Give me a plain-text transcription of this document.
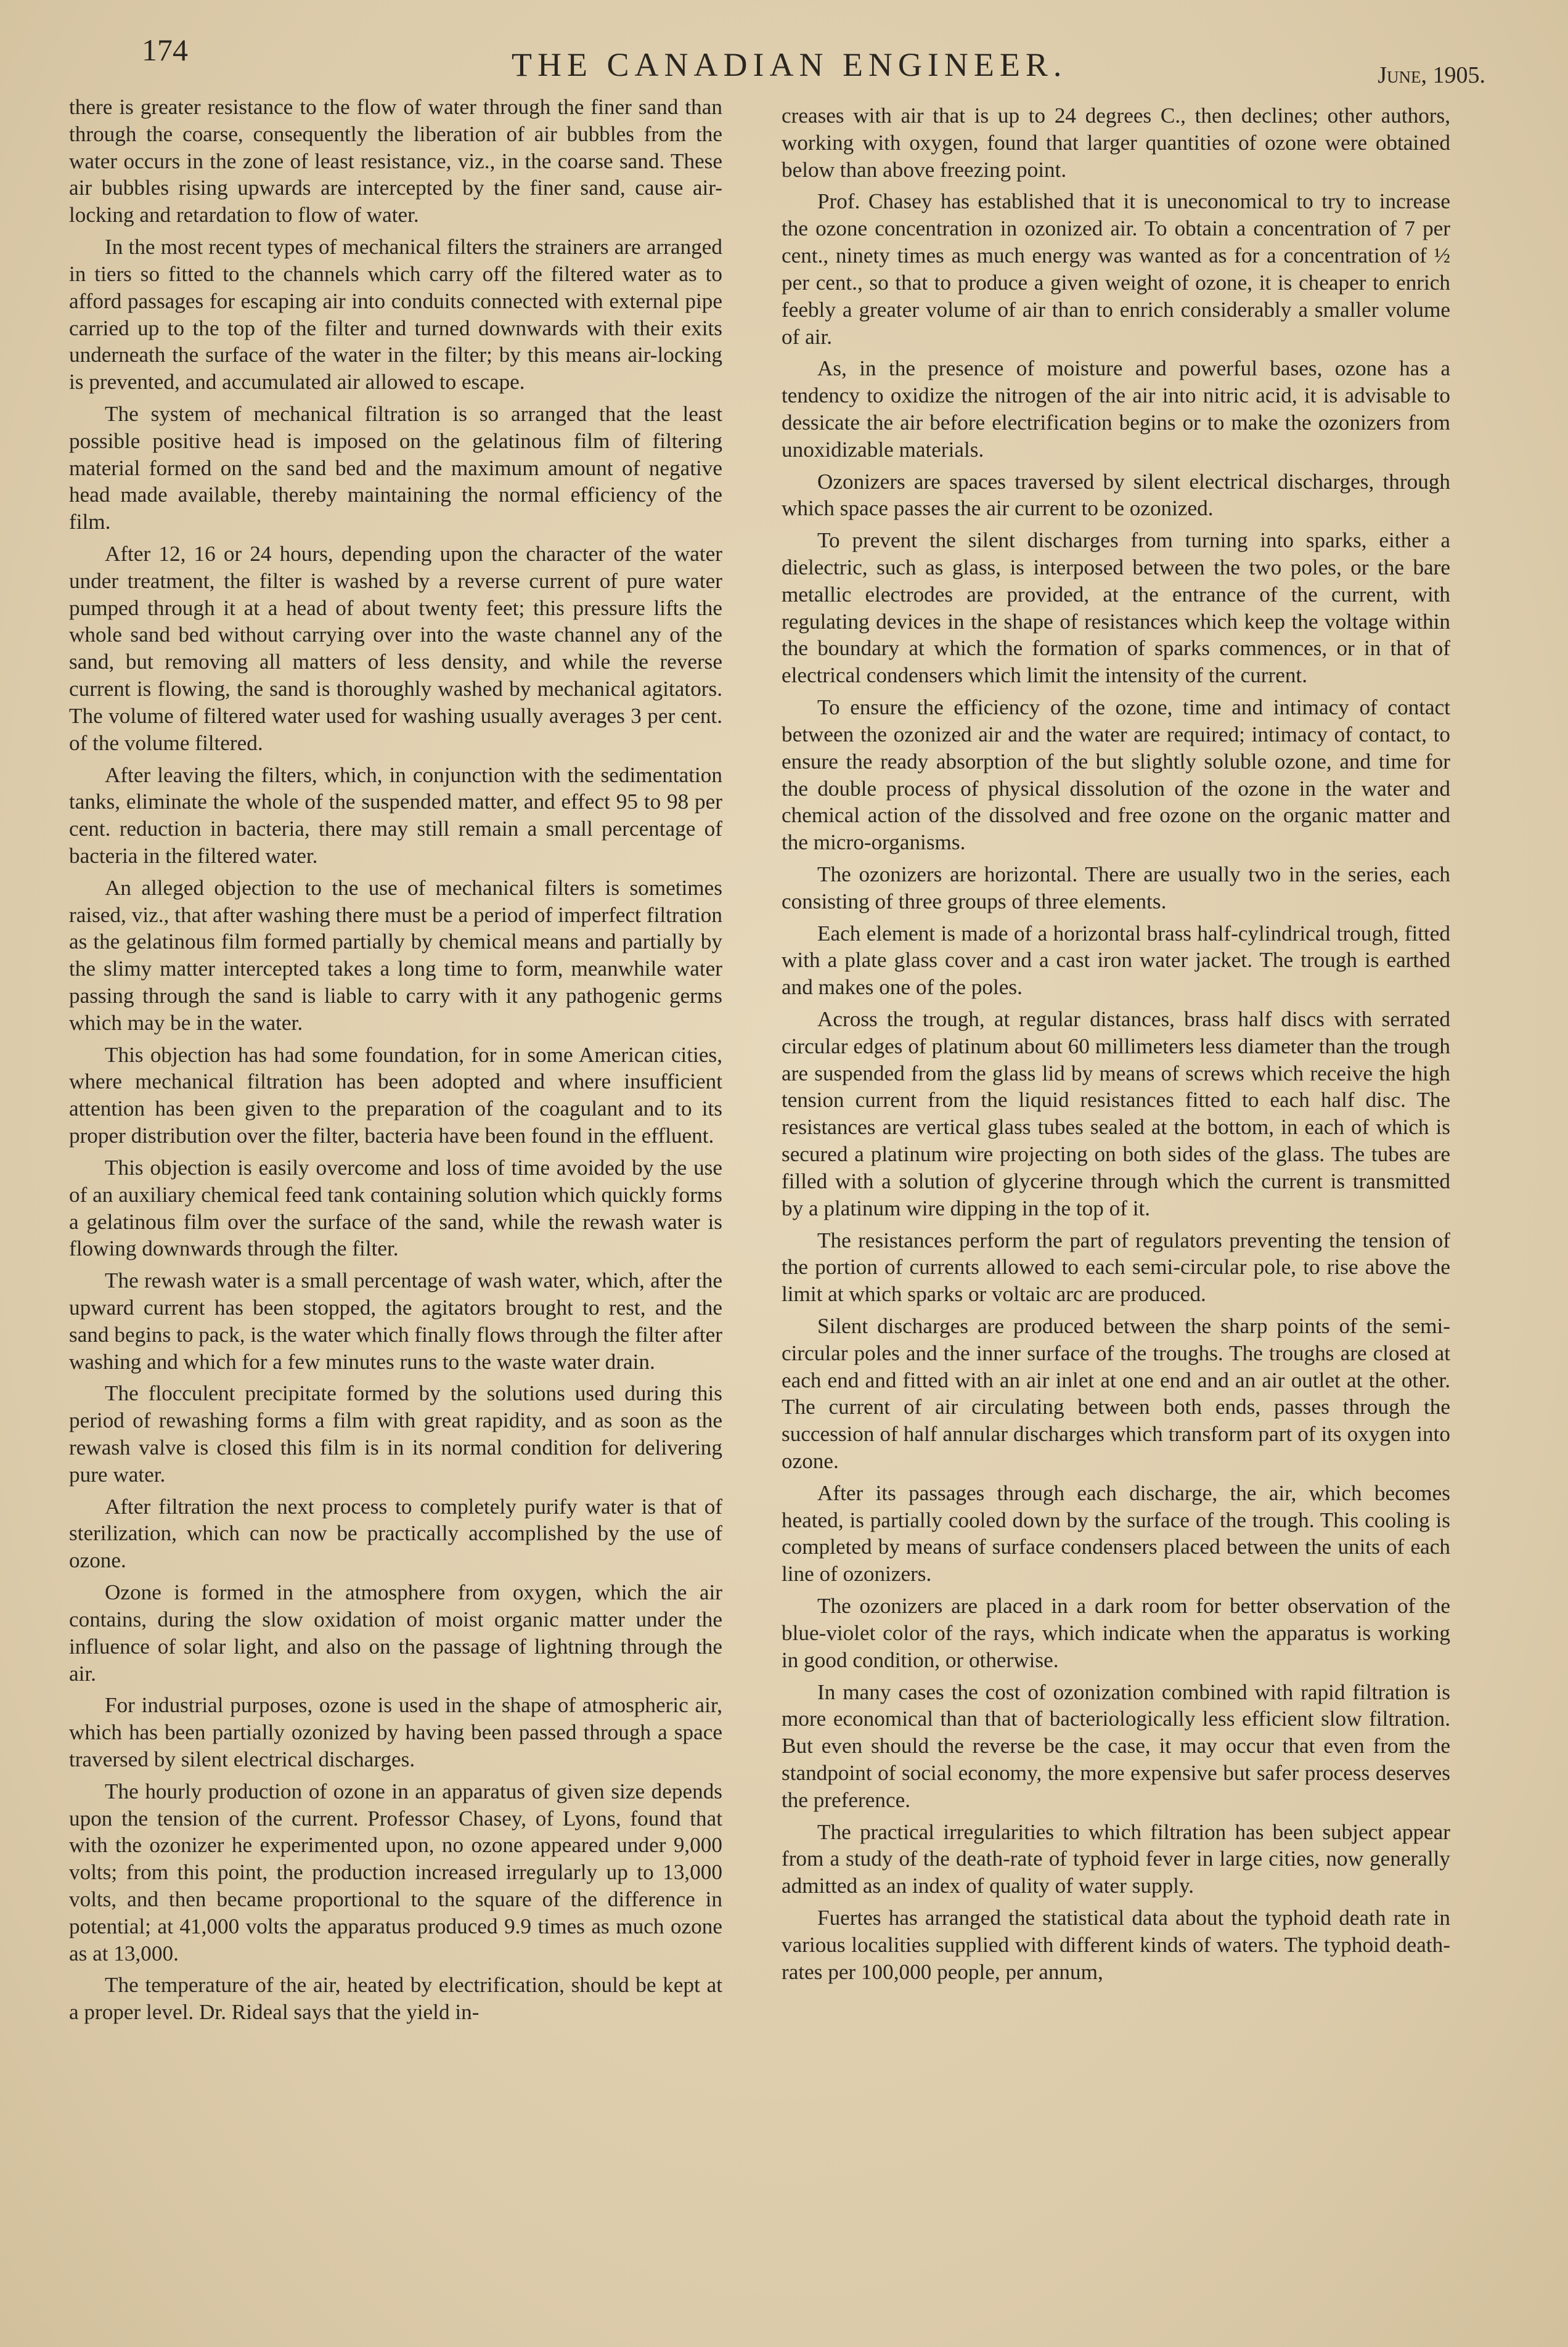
174	THE CANADIAN ENGINEER.	June, 1905.

there is greater resistance to the flow of water through the finer sand than through the coarse, consequently the liberation of air bubbles from the water occurs in the zone of least resistance, viz., in the coarse sand. These air bubbles rising upwards are intercepted by the finer sand, cause air-locking and retardation to flow of water.

In the most recent types of mechanical filters the strainers are arranged in tiers so fitted to the channels which carry off the filtered water as to afford passages for escaping air into conduits connected with external pipe carried up to the top of the filter and turned downwards with their exits underneath the surface of the water in the filter; by this means air-locking is prevented, and accumulated air allowed to escape.

The system of mechanical filtration is so arranged that the least possible positive head is imposed on the gelatinous film of filtering material formed on the sand bed and the maximum amount of negative head made available, thereby maintaining the normal efficiency of the film.

After 12, 16 or 24 hours, depending upon the character of the water under treatment, the filter is washed by a reverse current of pure water pumped through it at a head of about twenty feet; this pressure lifts the whole sand bed without carrying over into the waste channel any of the sand, but removing all matters of less density, and while the reverse current is flowing, the sand is thoroughly washed by mechanical agitators. The volume of filtered water used for washing usually averages 3 per cent. of the volume filtered.

After leaving the filters, which, in conjunction with the sedimentation tanks, eliminate the whole of the suspended matter, and effect 95 to 98 per cent. reduction in bacteria, there may still remain a small percentage of bacteria in the filtered water.

An alleged objection to the use of mechanical filters is sometimes raised, viz., that after washing there must be a period of imperfect filtration as the gelatinous film formed partially by chemical means and partially by the slimy matter intercepted takes a long time to form, meanwhile water passing through the sand is liable to carry with it any pathogenic germs which may be in the water.

This objection has had some foundation, for in some American cities, where mechanical filtration has been adopted and where insufficient attention has been given to the preparation of the coagulant and to its proper distribution over the filter, bacteria have been found in the effluent.

This objection is easily overcome and loss of time avoided by the use of an auxiliary chemical feed tank containing solution which quickly forms a gelatinous film over the surface of the sand, while the rewash water is flowing downwards through the filter.

The rewash water is a small percentage of wash water, which, after the upward current has been stopped, the agitators brought to rest, and the sand begins to pack, is the water which finally flows through the filter after washing and which for a few minutes runs to the waste water drain.

The flocculent precipitate formed by the solutions used during this period of rewashing forms a film with great rapidity, and as soon as the rewash valve is closed this film is in its normal condition for delivering pure water.

After filtration the next process to completely purify water is that of sterilization, which can now be practically accomplished by the use of ozone.

Ozone is formed in the atmosphere from oxygen, which the air contains, during the slow oxidation of moist organic matter under the influence of solar light, and also on the passage of lightning through the air.

For industrial purposes, ozone is used in the shape of atmospheric air, which has been partially ozonized by having been passed through a space traversed by silent electrical discharges.

The hourly production of ozone in an apparatus of given size depends upon the tension of the current. Professor Chasey, of Lyons, found that with the ozonizer he experimented upon, no ozone appeared under 9,000 volts; from this point, the production increased irregularly up to 13,000 volts, and then became proportional to the square of the difference in potential; at 41,000 volts the apparatus produced 9.9 times as much ozone as at 13,000.

The temperature of the air, heated by electrification, should be kept at a proper level. Dr. Rideal says that the yield in-

creases with air that is up to 24 degrees C., then declines; other authors, working with oxygen, found that larger quantities of ozone were obtained below than above freezing point.

Prof. Chasey has established that it is uneconomical to try to increase the ozone concentration in ozonized air. To obtain a concentration of 7 per cent., ninety times as much energy was wanted as for a concentration of ½ per cent., so that to produce a given weight of ozone, it is cheaper to enrich feebly a greater volume of air than to enrich considerably a smaller volume of air.

As, in the presence of moisture and powerful bases, ozone has a tendency to oxidize the nitrogen of the air into nitric acid, it is advisable to dessicate the air before electrification begins or to make the ozonizers from unoxidizable materials.

Ozonizers are spaces traversed by silent electrical discharges, through which space passes the air current to be ozonized.

To prevent the silent discharges from turning into sparks, either a dielectric, such as glass, is interposed between the two poles, or the bare metallic electrodes are provided, at the entrance of the current, with regulating devices in the shape of resistances which keep the voltage within the boundary at which the formation of sparks commences, or in that of electrical condensers which limit the intensity of the current.

To ensure the efficiency of the ozone, time and intimacy of contact between the ozonized air and the water are required; intimacy of contact, to ensure the ready absorption of the but slightly soluble ozone, and time for the double process of physical dissolution of the ozone in the water and chemical action of the dissolved and free ozone on the organic matter and the micro-organisms.

The ozonizers are horizontal. There are usually two in the series, each consisting of three groups of three elements.

Each element is made of a horizontal brass half-cylindrical trough, fitted with a plate glass cover and a cast iron water jacket. The trough is earthed and makes one of the poles.

Across the trough, at regular distances, brass half discs with serrated circular edges of platinum about 60 millimeters less diameter than the trough are suspended from the glass lid by means of screws which receive the high tension current from the liquid resistances fitted to each half disc. The resistances are vertical glass tubes sealed at the bottom, in each of which is secured a platinum wire projecting on both sides of the glass. The tubes are filled with a solution of glycerine through which the current is transmitted by a platinum wire dipping in the top of it.

The resistances perform the part of regulators preventing the tension of the portion of currents allowed to each semi-circular pole, to rise above the limit at which sparks or voltaic arc are produced.

Silent discharges are produced between the sharp points of the semi-circular poles and the inner surface of the troughs. The troughs are closed at each end and fitted with an air inlet at one end and an air outlet at the other. The current of air circulating between both ends, passes through the succession of half annular discharges which transform part of its oxygen into ozone.

After its passages through each discharge, the air, which becomes heated, is partially cooled down by the surface of the trough. This cooling is completed by means of surface condensers placed between the units of each line of ozonizers.

The ozonizers are placed in a dark room for better observation of the blue-violet color of the rays, which indicate when the apparatus is working in good condition, or otherwise.

In many cases the cost of ozonization combined with rapid filtration is more economical than that of bacteriologically less efficient slow filtration. But even should the reverse be the case, it may occur that even from the standpoint of social economy, the more expensive but safer process deserves the preference.

The practical irregularities to which filtration has been subject appear from a study of the death-rate of typhoid fever in large cities, now generally admitted as an index of quality of water supply.

Fuertes has arranged the statistical data about the typhoid death rate in various localities supplied with different kinds of waters. The typhoid death-rates per 100,000 people, per annum,
